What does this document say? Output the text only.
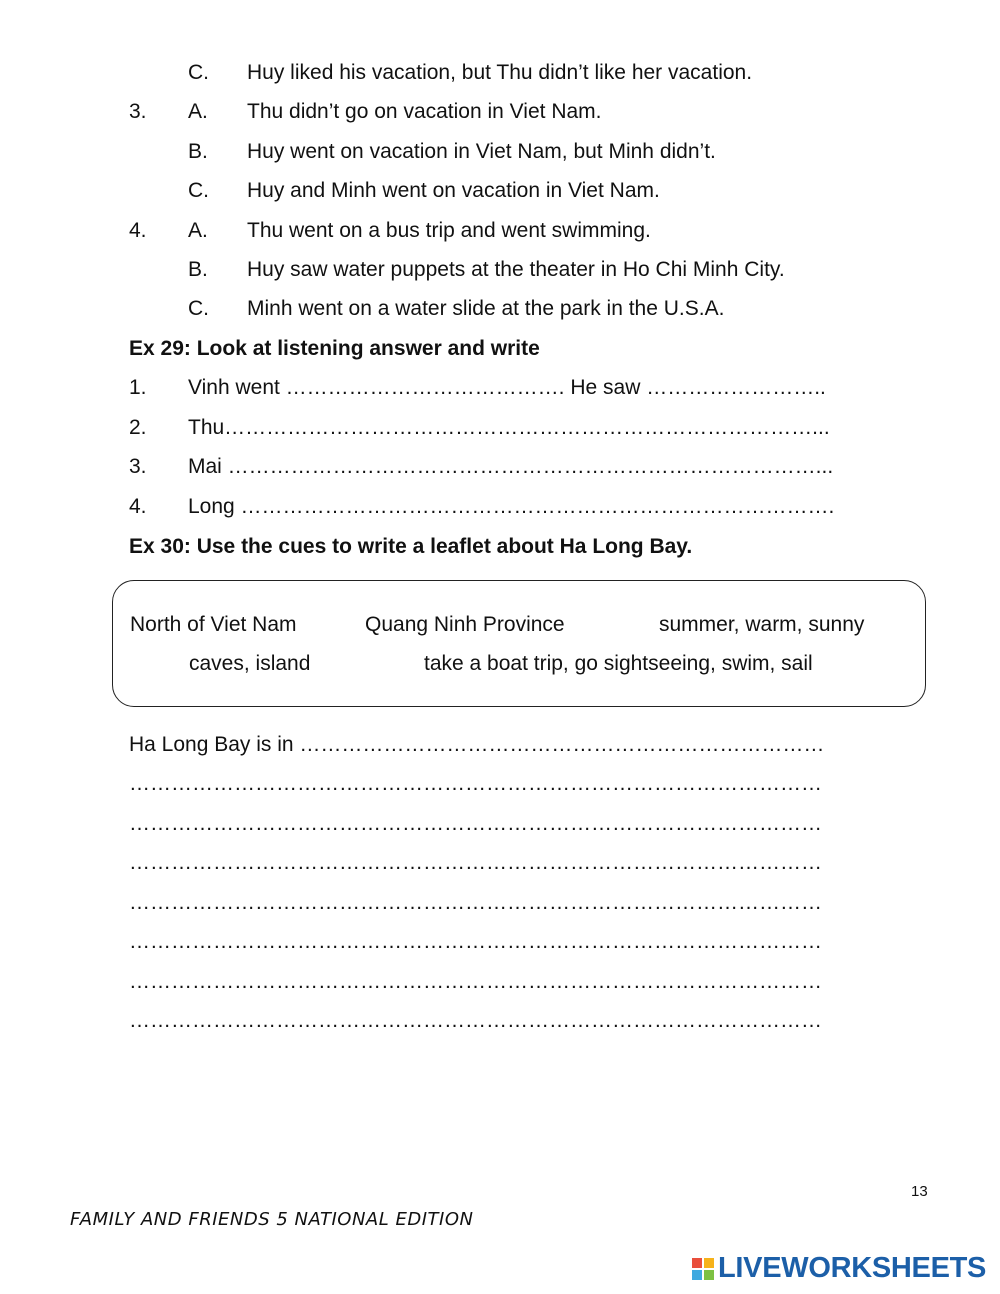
C. Huy liked his vacation, but Thu didn’t like her vacation.
3. A. Thu didn’t go on vacation in Viet Nam.
B. Huy went on vacation in Viet Nam, but Minh didn’t.
C. Huy and Minh went on vacation in Viet Nam.
4. A. Thu went on a bus trip and went swimming.
B. Huy saw water puppets at the theater in Ho Chi Minh City.
C. Minh went on a water slide at the park in the U.S.A.
Ex 29: Look at listening answer and write
1. Vinh went …………………………………. He saw ……………………..
2. Thu…………………………………………………………………………...
3. Mai …………………………………………………………………………...
4. Long ………………………………………………………………………….
Ex 30: Use the cues to write a leaflet about Ha Long Bay.
North of Viet Nam	Quang Ninh Province	summer, warm, sunny
caves, island	take a boat trip, go sightseeing, swim, sail
Ha Long Bay is in …………………………………………………………………
………………………………………………………………………………………
………………………………………………………………………………………
………………………………………………………………………………………
………………………………………………………………………………………
………………………………………………………………………………………
………………………………………………………………………………………
………………………………………………………………………………………
13
FAMILY AND FRIENDS 5 NATIONAL EDITION
LIVEWORKSHEETS
